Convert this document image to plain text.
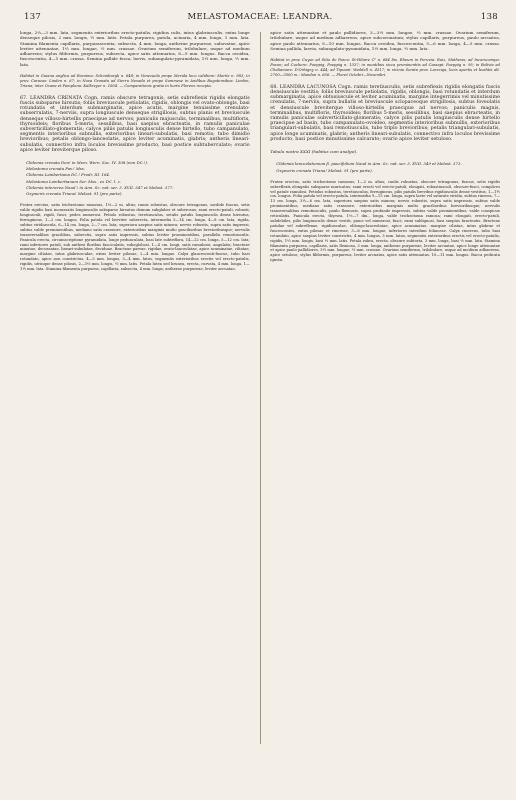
137	MELASTOMACEAE: LEANDRA.	138

longa, 2⅓—3 mm. lata, segmentis exterioribus erecto-patulis, rigidius culis, intus glabriusculis, extus longe denseque pilosis, 2 mm. longis, ⅓ mm. latis. Petala purpurea, patula, acinaria, 4 mm. longa, 1 mm. lata. Stamina filamenta capillaria, purpurascentia, subsecta, 4 mm. longa; antherae purpureae, subovatae, apice leviter attenuatae, 1⅓ mm. longae, ⅓ mm. crassae. Ovarium semiferum, trilobulare, usque ad medium adhaerens; stylus filiformis, purpureus, subsecta, apice satis attenuatus, 8—9 mm. longus. Bacca ovoidea, fuscescentia, 4—5 mm. crassa. Semina pallide fusca, laevis, subangulato-pyramidata, 1⅓ mm. longa, ⅓ mm. lata.

Habitat in Guiana anglica ad Roraima: Schomburgk n. 648; in Venezuela prope Merida loco calidiore: Moritz n. 983; in prov. Caracas: Linden n. 67; in Nova Granata ad Sierra Nevada et prope Summese in Andibus Bogotensibus: Linden, Triana; inter Ocana et Pamplona: Kalbreyer n. 1604. — Comparationis gratia in horto Florens recepta.

67. LEANDRA CRENATA Cogn. ramis obscure tetragonis, setis subrefiexis rigidis elongatis fuscis subsparse hirsutis; foliis breviuscule petiolatis, rigidis, oblongis vel ovato-oblongis, basi rotundatis et interdum submarginatis, apice acutis, margine tenuissime crenulato-subserrulatis, 7-nerviis, supra longiuscule denseque strigillosis, subtus planis et breviuscule denseque villoso-hirtellis praecipue ad nervos; paniculis majusculis, terminalibus, multifloris, thyrsoideis; floribus 5-meris, sessilibus, basi saepius ebracteatis, in ramulis paniculae subverticillato-glomeratis; calyce piliis patulis longiusculis dense hirtello, tubo campanulato, segmentis interioribus subnullis, exterioribus lineari-subulatis, basi remotis; tubo dimidio brevioribus; petalis oblongo-lanceolatis, apice leviter acuminatis, glabris; antheris lineari-subulatis, connectivo infra loculos brevissime producto, basi postice subtuberculato; ovario apice leviter breviterque piloso.

Clidemia crenata Don! in Mem. Wern. Soc. IV. 308 (non DC.!).

Melastoma crenata Pav.! Mss.

Clidemia Lambertiana DC.! Prodr. III. 164.

Melastoma Lambertianum Ser. Mss., ex DC. l. c.

Clidemia intencrea Naud.! in Ann. Sc. nat. ser. 3. XVII. 347 et Melast. 377.

Oxymeris crenata Triana! Melast. 91 (pro parte).

Frutex erectus, satis tricheotome ramosus, 1⅔—2 m. altus; ramis robustus, obscure tetragonus, sordide fuscus, setis valde rigidis basi incrassatis longiusculis subsparse hirsutus demum subglaber et suberosus; rami erecto-patuli, robusti, longiusculi, rigidi, fusci, pedes numerosi. Petiolo robustus, teretiusculus, setulis patulis longiusculis dense hirsutus, ferrugineus, 1—2 cm. longus. Folia patula vel breviter suberecta, intermedia 5—14 cm. longa, 4—8 cm. lata, rigida, subtus viridiuscula, 6—14 cm. longa, 2—7 cm. lata; superiora saepius satis minora; nervis robustis, supra satis impressi, subtus valde prominentibus, mediano satis crassiore, exterioribus marginis multo gracilioribus brevioribusque; nervulis transversalibus gracilibus, subrectis, supra satis impressis, subtus leviter prominentibus, parallelis remotiusculis. Panicula erecta, circumscriptione pyramidata, longe pedunculata, basi late subtriflora, 14—22 cm. longa, 5—12 cm. lata; rami inferiores patuli, sub anthesi floribus fasciculatis, subeglobosi, 1—4 cm. longi, satis ramulosis, angulatis; bracteae minutae, decussatae, lineari-subulatae, deciduae. Bracteae parvae, rigidae, ovato-lanceolatae, apice acuminatae, ciliatae, margine ciliatae, intus glabriusculae, extus leviter pilosae, 2—4 mm. longae. Calyx glaucescenti-fuscus, tubo basi rotundato, apice non constrictus, 4—5 mm. longus, 3—4 mm. latus, segmentis exterioribus erectis vel erecto-patulis, rigidis, utrinque dense pilosis, 2—3⅓ mm. longis, ⅓ mm. latis. Petala lutea sed brunea, erecta, curvata, 4 mm. longa, 1—1⅓ mm. lata. Stamina filamenta purpurea, capillaria, subsecta, 4 mm. longa; antherae purpureae, leviter arcuatae,

apice satis attenuatae et paulo pallidiores, 3—3⅓ mm. longae, ⅓ mm. crassae. Ovarium semiferum, trilobulare, usque ad medium adhaerens, apice subcoronatum; stylus capillaris, purpureus, paulo arcuatus, apice paulo attenuatus, 9—10 mm. longus. Bacca ovoidea, fuscescentia, 5—6 mm. longa, 4—5 mm. crassa. Semina pallida, laevia, subangulato-pyramidata, 1⅓ mm. longa, ⅓ mm. lata.

Habitat in prov. Cuyac ad Sitio de Pasco: St-Hilaire C² n. 684 bis. Rheum in Peruvia: Ruiz, Mathews; ad Incarocampo: Pavon; ad Cuchero: Poeppig, Poeppig n. 1337; in montibus sicca prominentiis ad Cassapi: Poeppig n. 95; in Bolivia ad Chaliamare: D'Orbigny n. 444; ad Tipuani: Weddell n. 4517; in vicinia Sorata prov. Larecaja, locis apertis et bushtis alt. 2700—3000 m.: Mandon n. 656. — Floret Octobri—Novembri.

68. LEANDRA LACUNOSA Cogn. ramis teretiusculis, setis subrefiexis rigidis elongatis fuscis densiuscule vestitis; foliis breviuscule petiolatis, rigidis, oblongis, basi rotundatis et interdum submarginatis, apice obtusiuscule et leviter acuminatis, margine integerrimis vel minutissime crenulatis, 7-nerviis, supra bullatis et breviuscule sclopaceoque strigillosis, subtus foveolatis et densiuscule breviterque villoso-hirtellis praecipue ad nervos; paniculis magnis, terminalibus, multifloris, thyrsoideis; floribus 5-meris, sessilibus, basi saepius ebracteatis, in ramulis paniculae subverticillato-glomeratis; calyce pilis patulis longiusculis dense hirtello praecipue ad basin, tubo campanulato-ovoideo, segmentis interioribus subnullis, exterioribus triangulari-subulatis, basi remotiusculis, tubo triplo brevioribus; petalis triangulari-subulatis, apice longe acuminatis, glabris; antheris lineari-subulatis, connectivo infra loculos brevissime producto, basi postice minutissime calcarato; ovario apice leviter setuloso.

Tabula nostra XXXI (habitus cum analysi).

Clidemia lanceolatomum β. paucifolium Naud in Ann. Sc. nat. ser. 3. XVII. 349 et Melast. 373.

Oxymeris crenata Triana! Melast. 91 (pro parte).

Frutex erectus, satis tricheotome ramosus, 1—2 m. altus; caulis robustus, obscure tetragonus, fuscus, setis rigidis subreflexis elongatis subsparse muricatus; rami erecti vel erecto-patuli, elongati, robustiusculi, obscure-fusci, complices vel patule ramulosi. Petiolus robustus, teretiusculus, ferrugineus, pilis patulis brevibus rigidiusculis dense vestitus, 1—1½ cm. longus. Folia patula vel erecto-patula, intermedia 9—15 cm. longa, supra laete vel saturate viridia, subtus rinerea, 7—13 cm. longa, 3⅓—6 cm. lata, superiora saepius satis minora; nervis robustis, supra satis impressis, subtus valde prominentibus, mediano satis crassiore, exterioribus marginis multo gracilioribus brevioribusque; nervulis transversalibus remotiusculis, paulo flexuosis, supra profunde impressis, subtus valde prominentibus, valde conspicue reticulatis. Panicula erecta, thyrsea, 1⅔—7 dm., longa, valde tricheotoma ramosa; rami elongati, erecto-patuli, subdebiles, pilis longiusculis dense vestiti, pauci vel numerosi, fusci, rami sublignosi, basi saepius bracteatis. Bracteae patulae vel subreflexae, rigidiusculae, oblongo-lanceolatae, apice acuminatae, margine ciliatae, intus glabrae et fuscescentes, extus pilosae et rinereae, 3—6 mm. longae, inferiores interdum foliaceae. Calyx rinereus, tubo basi rotundato, apice saepius leviter constrictis, 4 mm. longus, 3 mm. latus, segmentis exterioribus erectis vel erecto-patulis, rigidis, 1⅓ mm. longis, basi ⅓ mm. latis. Petala rubra, erecta, obscure subtorta, 3 mm. longa, basi ⅓ mm. lata. Stamina filamenta purpurea, capillaria, satis flexuosa, 3 mm. longa; antherae purpureae, leviter arcuatae, apice longe attenuatae et apice paulo pallidiores, 3⅓ mm. longae, ⅓ mm. crassae. Ovarium semiferum, trilobulare, usque ad medium adhaerens, apice setuloso; stylus filiformis, purpureus, leviter arcuatus, apice satis attenuatus, 10—11 mm. longus. Bacca pedicata ignota.
